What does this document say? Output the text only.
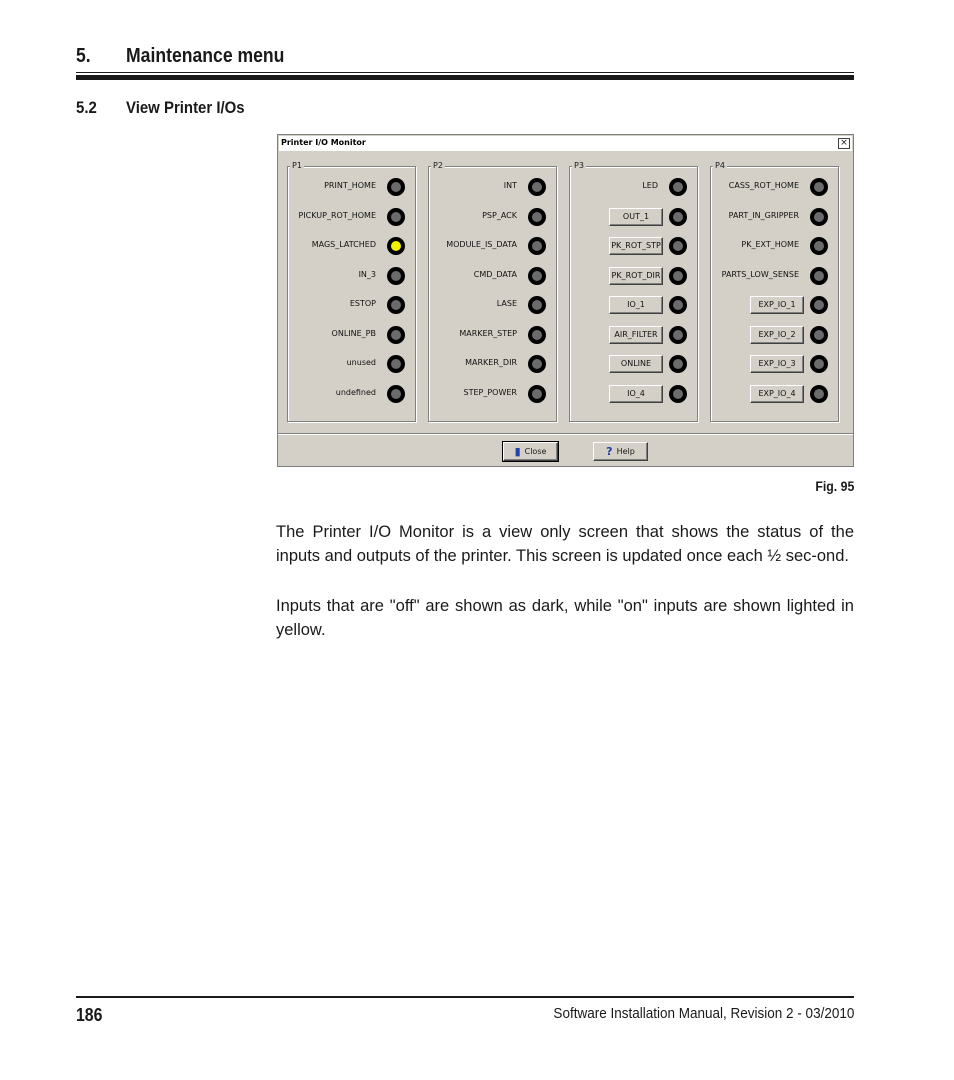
5. Maintenance menu
5.2 View Printer I/Os
Printer I/O Monitor	×
P1
PRINT_HOME
PICKUP_ROT_HOME
MAGS_LATCHED
IN_3
ESTOP
ONLINE_PB
unused
undefined
P2
INT
PSP_ACK
MODULE_IS_DATA
CMD_DATA
LASE
MARKER_STEP
MARKER_DIR
STEP_POWER
P3
LED
OUT_1
PK_ROT_STP
PK_ROT_DIR
IO_1
AIR_FILTER
ONLINE
IO_4
P4
CASS_ROT_HOME
PART_IN_GRIPPER
PK_EXT_HOME
PARTS_LOW_SENSE
EXP_IO_1
EXP_IO_2
EXP_IO_3
EXP_IO_4
▮ Close	? Help
Fig. 95

The Printer I/O Monitor is a view only screen that shows the status of the inputs and outputs of the printer. This screen is updated once each ½ sec-ond.

Inputs that are "off" are shown as dark, while "on" inputs are shown lighted in yellow.

186	Software Installation Manual, Revision 2 - 03/2010
